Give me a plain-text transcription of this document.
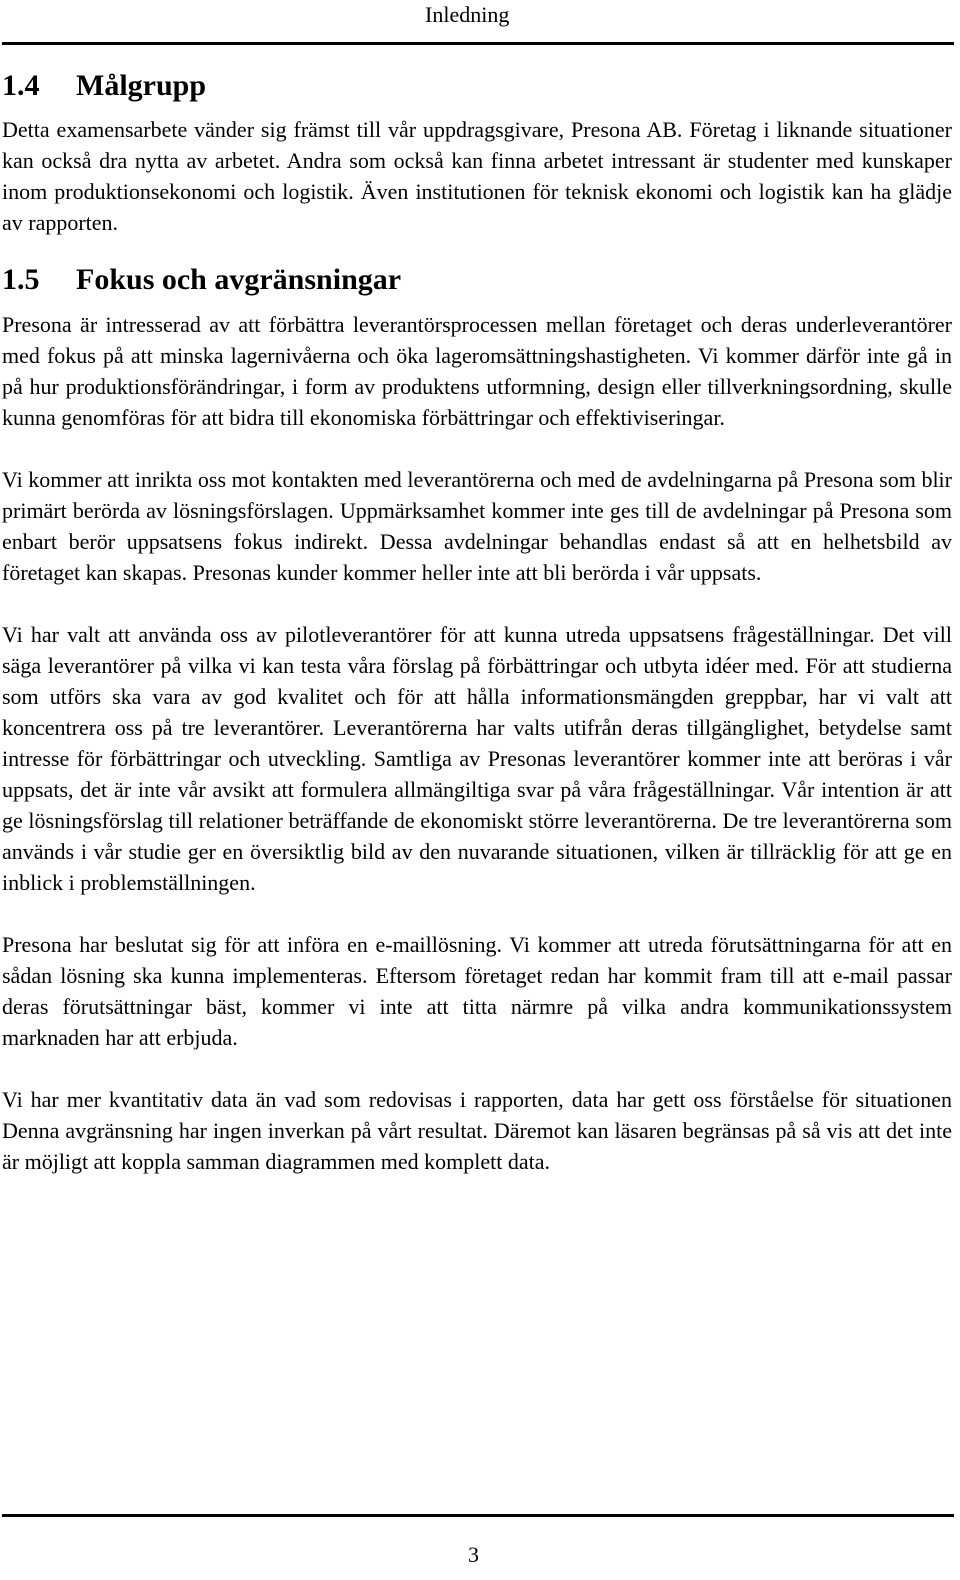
Inledning
1.4	Målgrupp

Detta examensarbete vänder sig främst till vår uppdragsgivare, Presona AB. Företag i liknande situationer kan också dra nytta av arbetet. Andra som också kan finna arbetet intressant är studenter med kunskaper inom produktionsekonomi och logistik. Även institutionen för teknisk ekonomi och logistik kan ha glädje av rapporten.

1.5	Fokus och avgränsningar

Presona är intresserad av att förbättra leverantörsprocessen mellan företaget och deras underleverantörer med fokus på att minska lagernivåerna och öka lageromsättningshastigheten. Vi kommer därför inte gå in på hur produktionsförändringar, i form av produktens utformning, design eller tillverkningsordning, skulle kunna genomföras för att bidra till ekonomiska förbättringar och effektiviseringar.

Vi kommer att inrikta oss mot kontakten med leverantörerna och med de avdelningarna på Presona som blir primärt berörda av lösningsförslagen. Uppmärksamhet kommer inte ges till de avdelningar på Presona som enbart berör uppsatsens fokus indirekt. Dessa avdelningar behandlas endast så att en helhetsbild av företaget kan skapas. Presonas kunder kommer heller inte att bli berörda i vår uppsats.

Vi har valt att använda oss av pilotleverantörer för att kunna utreda uppsatsens frågeställningar. Det vill säga leverantörer på vilka vi kan testa våra förslag på förbättringar och utbyta idéer med. För att studierna som utförs ska vara av god kvalitet och för att hålla informationsmängden greppbar, har vi valt att koncentrera oss på tre leverantörer. Leverantörerna har valts utifrån deras tillgänglighet, betydelse samt intresse för förbättringar och utveckling. Samtliga av Presonas leverantörer kommer inte att beröras i vår uppsats, det är inte vår avsikt att formulera allmängiltiga svar på våra frågeställningar. Vår intention är att ge lösningsförslag till relationer beträffande de ekonomiskt större leverantörerna. De tre leverantörerna som används i vår studie ger en översiktlig bild av den nuvarande situationen, vilken är tillräcklig för att ge en inblick i problemställningen.

Presona har beslutat sig för att införa en e-maillösning. Vi kommer att utreda förutsättningarna för att en sådan lösning ska kunna implementeras. Eftersom företaget redan har kommit fram till att e-mail passar deras förutsättningar bäst, kommer vi inte att titta närmre på vilka andra kommunikationssystem marknaden har att erbjuda.

Vi har mer kvantitativ data än vad som redovisas i rapporten, data har gett oss förståelse för situationen Denna avgränsning har ingen inverkan på vårt resultat. Däremot kan läsaren begränsas på så vis att det inte är möjligt att koppla samman diagrammen med komplett data.

3
